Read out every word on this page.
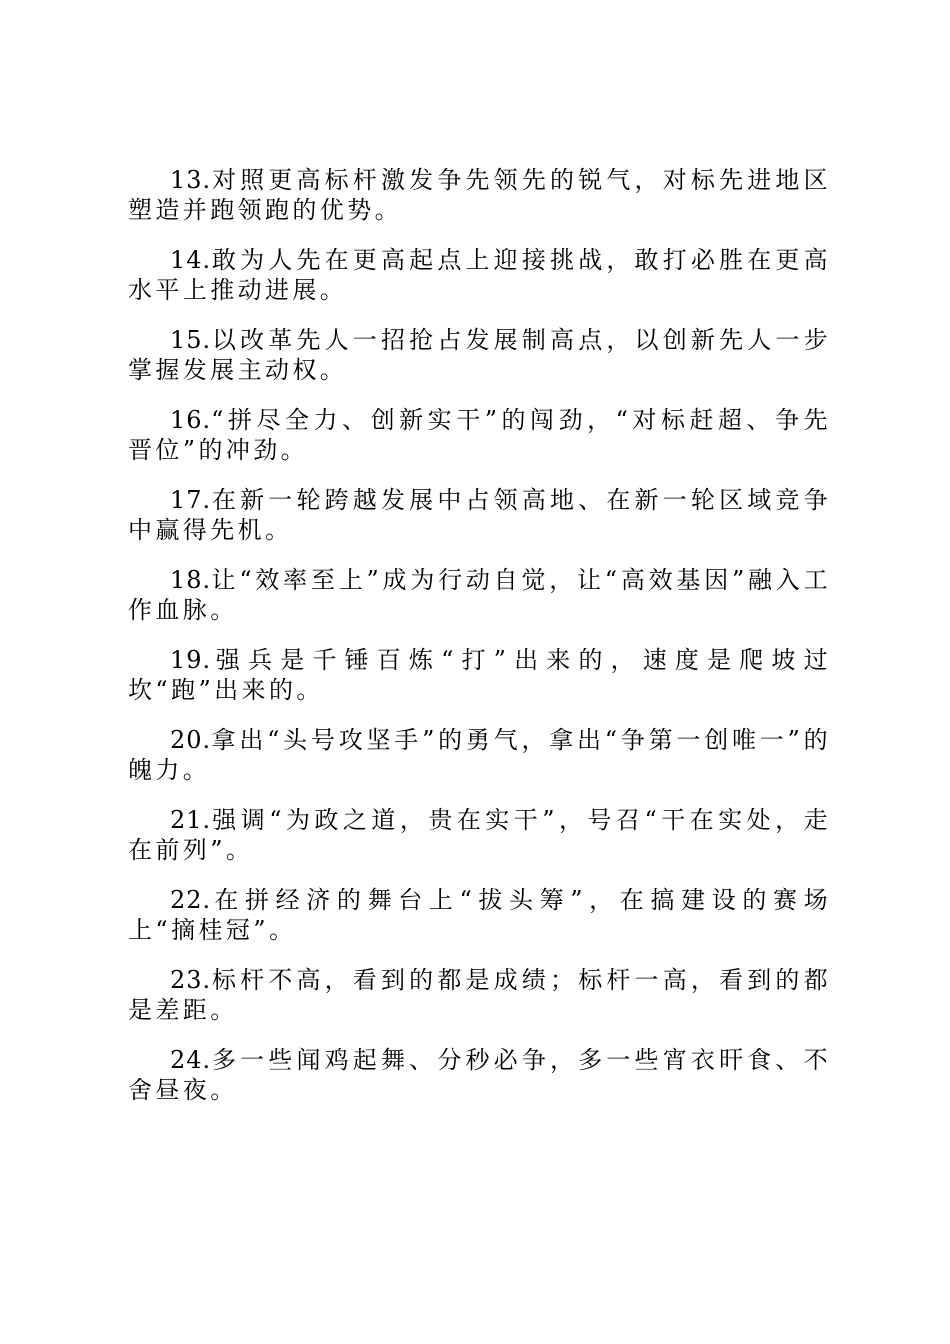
13.对照更高标杆激发争先领先的锐气，对标先进地区塑造并跑领跑的优势。

14.敢为人先在更高起点上迎接挑战，敢打必胜在更高水平上推动进展。

15.以改革先人一招抢占发展制高点，以创新先人一步掌握发展主动权。

16.“拼尽全力、创新实干”的闯劲，“对标赶超、争先晋位”的冲劲。

17.在新一轮跨越发展中占领高地、在新一轮区域竞争中赢得先机。

18.让“效率至上”成为行动自觉，让“高效基因”融入工作血脉。

19.强兵是千锤百炼“打”出来的，速度是爬坡过坎“跑”出来的。

20.拿出“头号攻坚手”的勇气，拿出“争第一创唯一”的魄力。

21.强调“为政之道，贵在实干”，号召“干在实处，走在前列”。

22.在拼经济的舞台上“拔头筹”，在搞建设的赛场上“摘桂冠”。

23.标杆不高，看到的都是成绩；标杆一高，看到的都是差距。

24.多一些闻鸡起舞、分秒必争，多一些宵衣旰食、不舍昼夜。
